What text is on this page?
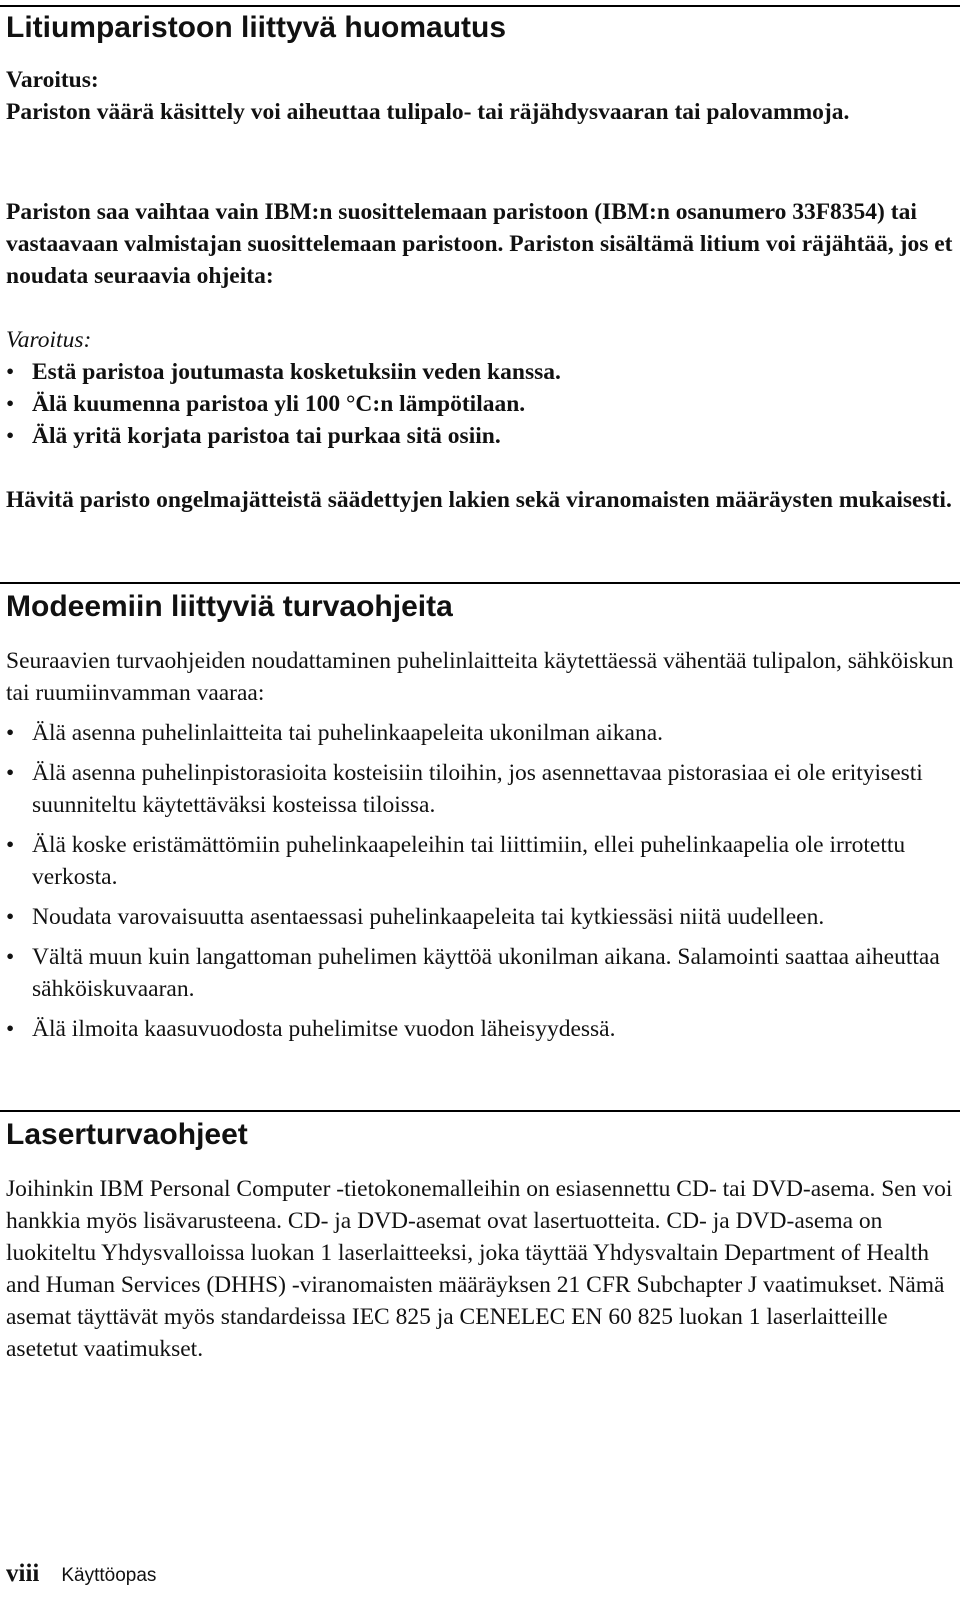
Litiumparistoon liittyvä huomautus

Varoitus:

Pariston väärä käsittely voi aiheuttaa tulipalo- tai räjähdysvaaran tai palovammoja.

Pariston saa vaihtaa vain IBM:n suosittelemaan paristoon (IBM:n osanumero 33F8354) tai vastaavaan valmistajan suosittelemaan paristoon. Pariston sisältämä litium voi räjähtää, jos et noudata seuraavia ohjeita:

Varoitus:

• Estä paristoa joutumasta kosketuksiin veden kanssa.
• Älä kuumenna paristoa yli 100 °C:n lämpötilaan.
• Älä yritä korjata paristoa tai purkaa sitä osiin.

Hävitä paristo ongelmajätteistä säädettyjen lakien sekä viranomaisten määräysten mukaisesti.

Modeemiin liittyviä turvaohjeita

Seuraavien turvaohjeiden noudattaminen puhelinlaitteita käytettäessä vähentää tulipalon, sähköiskun tai ruumiinvamman vaaraa:

• Älä asenna puhelinlaitteita tai puhelinkaapeleita ukonilman aikana.
• Älä asenna puhelinpistorasioita kosteisiin tiloihin, jos asennettavaa pistorasiaa ei ole erityisesti suunniteltu käytettäväksi kosteissa tiloissa.
• Älä koske eristämättömiin puhelinkaapeleihin tai liittimiin, ellei puhelinkaapelia ole irrotettu verkosta.
• Noudata varovaisuutta asentaessasi puhelinkaapeleita tai kytkiessäsi niitä uudelleen.
• Vältä muun kuin langattoman puhelimen käyttöä ukonilman aikana. Salamointi saattaa aiheuttaa sähköiskuvaaran.
• Älä ilmoita kaasuvuodosta puhelimitse vuodon läheisyydessä.
Laserturvaohjeet

Joihinkin IBM Personal Computer -tietokonemalleihin on esiasennettu CD- tai DVD-asema. Sen voi hankkia myös lisävarusteena. CD- ja DVD-asemat ovat lasertuotteita. CD- ja DVD-asema on luokiteltu Yhdysvalloissa luokan 1 laserlaitteeksi, joka täyttää Yhdysvaltain Department of Health and Human Services (DHHS) -viranomaisten määräyksen 21 CFR Subchapter J vaatimukset. Nämä asemat täyttävät myös standardeissa IEC 825 ja CENELEC EN 60 825 luokan 1 laserlaitteille asetetut vaatimukset.

viii Käyttöopas
